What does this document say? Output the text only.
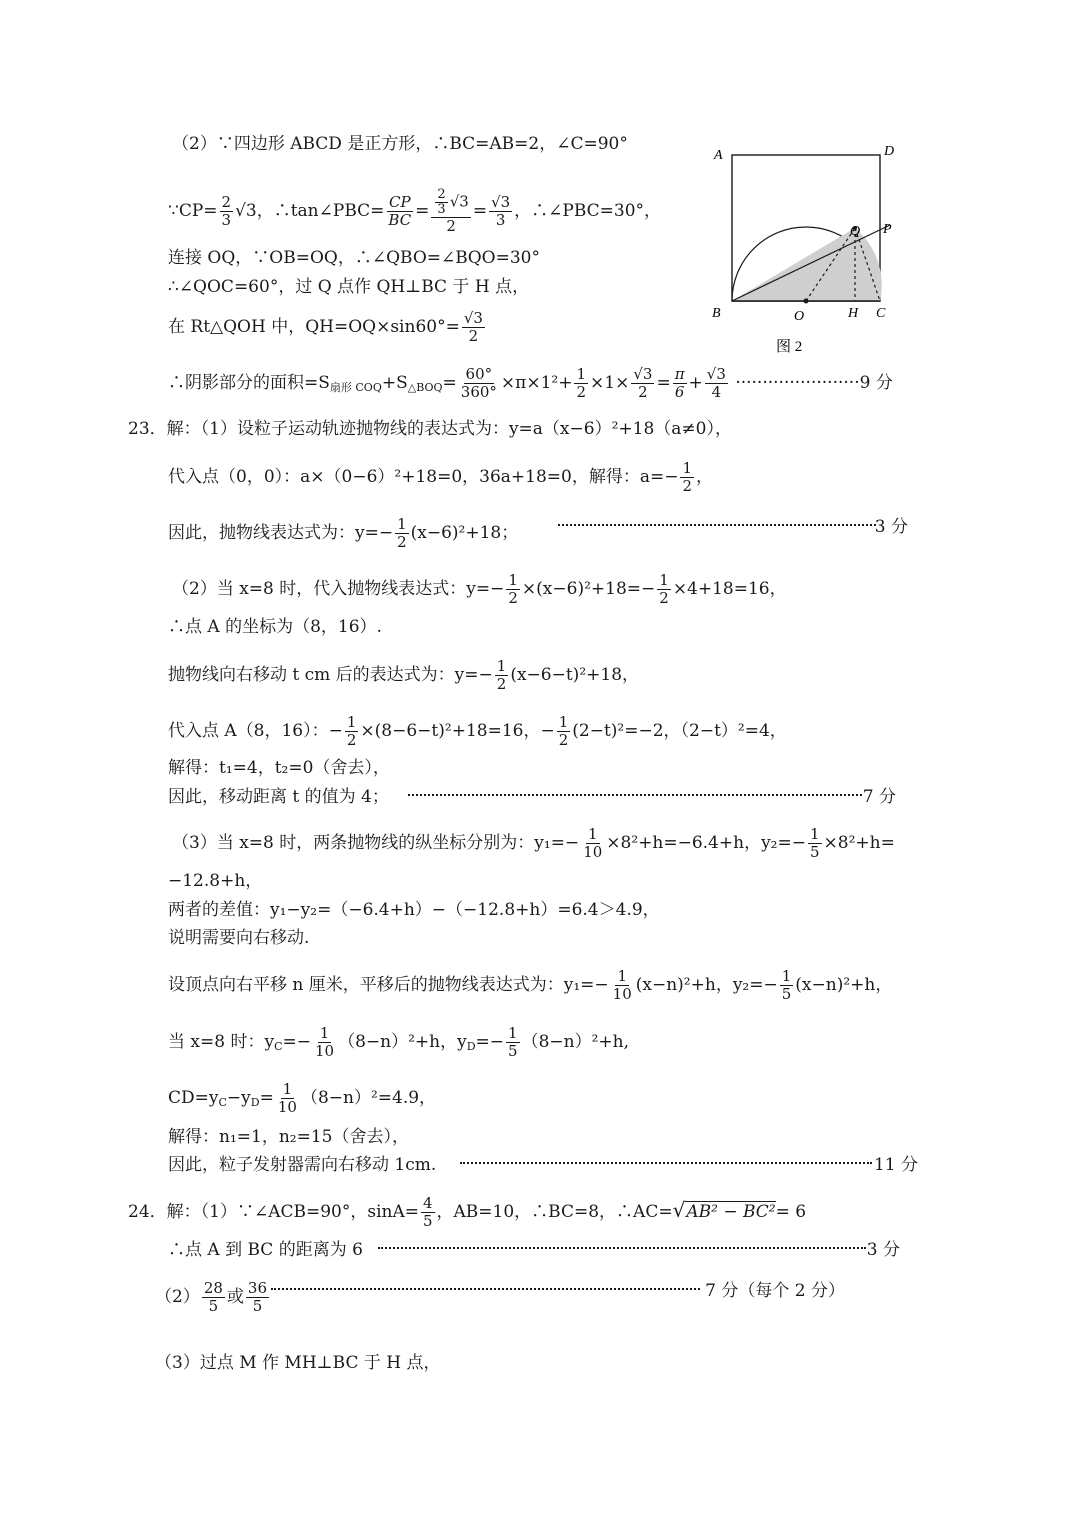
（2）∵四边形 ABCD 是正方形，∴BC=AB=2，∠C=90°
∵CP= $\frac{2}{3} √3$，∴tan∠PBC= $\frac{CP}{BC} = \frac{\frac{2}{3} √3}{2} = \frac{√3}{3}$ ，∴∠PBC=30°，
连接 OQ，∵OB=OQ，∴∠QBO=∠BQO=30°
∴∠QOC=60°，过 Q 点作 QH⊥BC 于 H 点，
在 Rt△QOH 中，$QH=OQ\times\sin 60^\circ= \frac{√3}{2}$
∴阴影部分的面积$=S_{扇形 COQ}+S_{\triangle BOQ}= \frac{60^\circ}{360^\circ} \times\pi\times 1^2+ \frac{1}{2} \times 1\times \frac{√3}{2} = \frac{\pi}{6} + \frac{√3}{4} \cdot\cdot\cdot\cdot\cdot\cdot\cdot\cdot\cdot\cdot\cdot\cdot\cdot\cdot\cdot\cdot\cdot\cdot\cdot\cdot\cdot\cdot\cdot 9$ 分
A	D
B	C
O	H
P
Q
图 2
23．解：（1）设粒子运动轨迹抛物线的表达式为：y=a（x−6）²+18（a≠0），
代入点（0，0）：a×（0−6）²+18=0，36a+18=0，解得：$a=- \frac{1}{2}$ ，
因此，抛物线表达式为：$y=- \frac{1}{2} (x-6)^2+18$；	3 分
（2）当 x=8 时，代入抛物线表达式：$y=- \frac{1}{2} \times(x-6)^2+18=- \frac{1}{2} \times 4+18=16$，
∴点 A 的坐标为（8，16）.
抛物线向右移动 t cm 后的表达式为：$y=- \frac{1}{2} (x-6-t)^2+18$，
代入点 A（8，16）：− $\frac{1}{2} \times(8-6-t)^2+18=16$，− $\frac{1}{2} (2-t)^2=-2$，（2−t）²=4，
解得：t₁=4，t₂=0（舍去），
因此，移动距离 t 的值为 4；	7 分
（3）当 x=8 时，两条抛物线的纵坐标分别为：$y_1=- \frac{1}{10} \times 8^2+h=-6.4+h$，$y_2=- \frac{1}{5} \times 8^2+h=$
−12.8+h，
两者的差值：y₁−y₂=（−6.4+h）−（−12.8+h）=6.4＞4.9，
说明需要向右移动.
设顶点向右平移 n 厘米，平移后的抛物线表达式为：$y_1=- \frac{1}{10} (x-n)^2+h$，$y_2=- \frac{1}{5} (x-n)^2+h$，
当 x=8 时：$y_C=- \frac{1}{10} (8-n)^2+h$，$y_D=- \frac{1}{5} (8-n)^2+h$,
$CD=y_C-y_D= \frac{1}{10} (8-n)^2=4.9$，
解得：n₁=1，n₂=15（舍去），
因此，粒子发射器需向右移动 1cm.	11 分
24．解：（1）∵∠ACB=90°，$\sin A= \frac{4}{5}$ ，AB=10，∴BC=8，∴AC=√AB² − BC²= 6
∴点 A 到 BC 的距离为 6	3 分
$(2) \frac{28}{5}$ 或 $\frac{36}{5}$	7 分（每个 2 分）
（3）过点 M 作 MH⊥BC 于 H 点，
